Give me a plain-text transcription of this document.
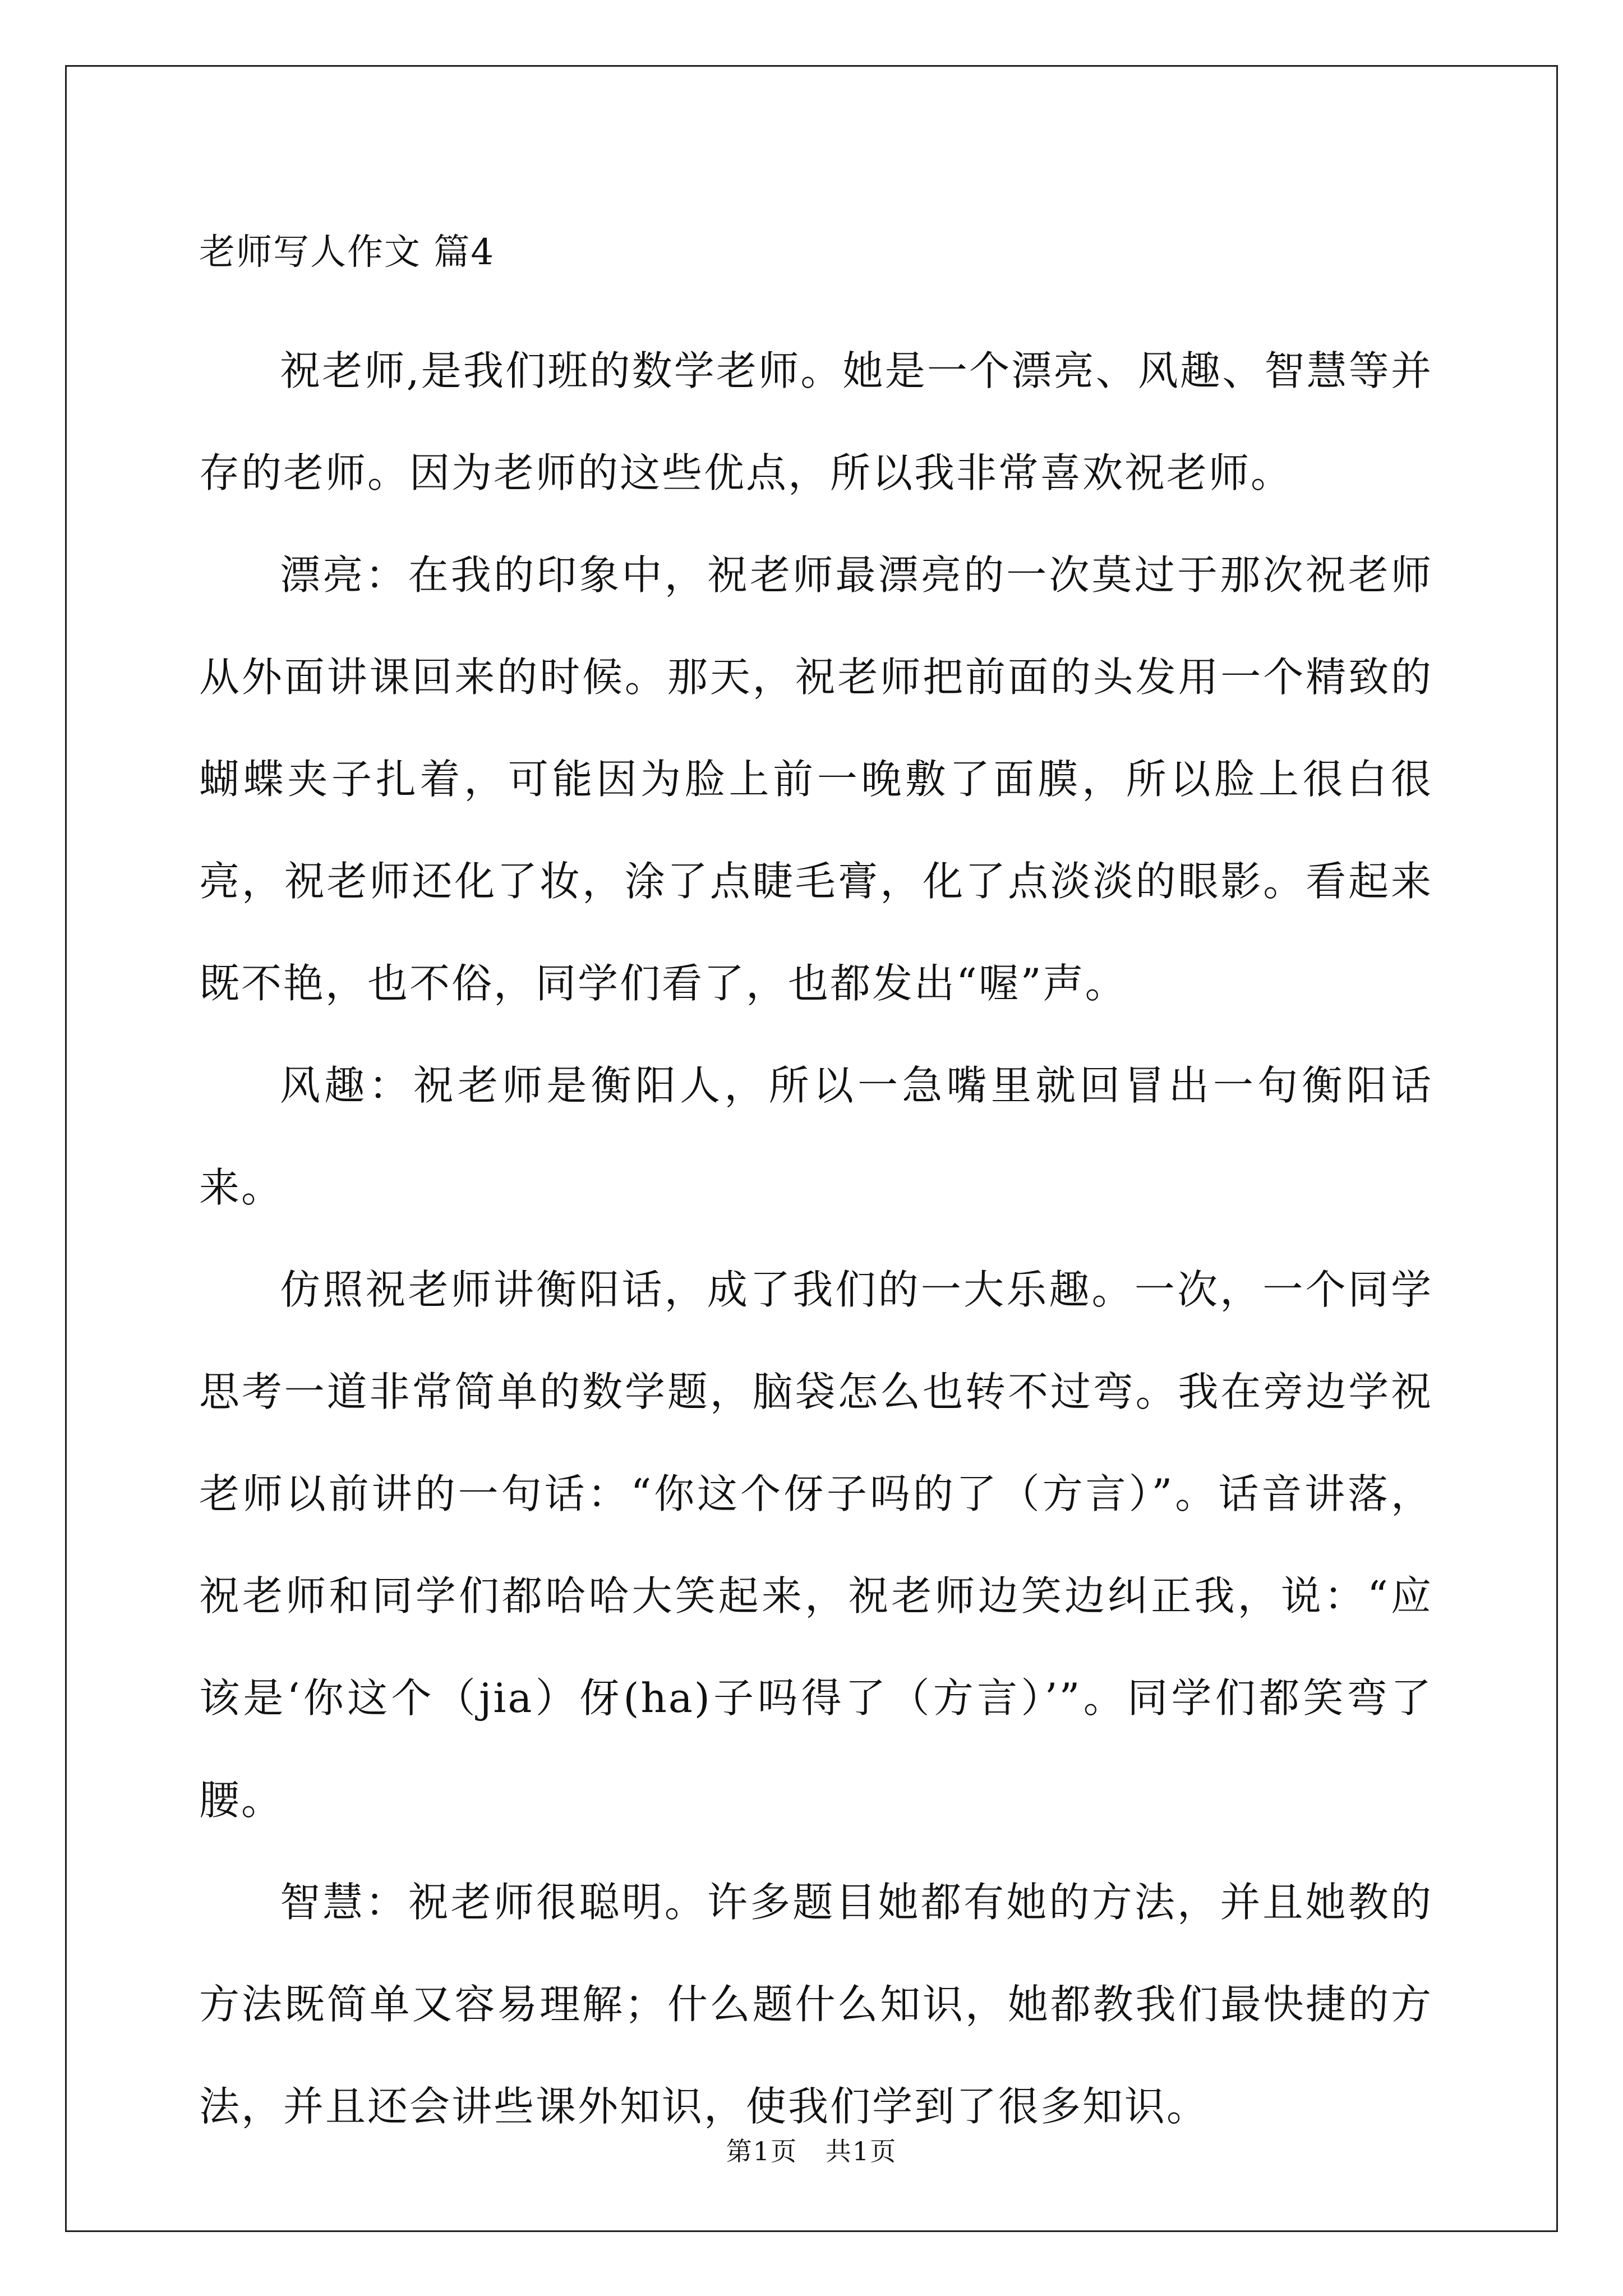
老师写人作文 篇4

祝老师,是我们班的数学老师。她是一个漂亮、风趣、智慧等并存的老师。因为老师的这些优点，所以我非常喜欢祝老师。

漂亮：在我的印象中，祝老师最漂亮的一次莫过于那次祝老师从外面讲课回来的时候。那天，祝老师把前面的头发用一个精致的蝴蝶夹子扎着，可能因为脸上前一晚敷了面膜，所以脸上很白很亮，祝老师还化了妆，涂了点睫毛膏，化了点淡淡的眼影。看起来既不艳，也不俗，同学们看了，也都发出“喔”声。

风趣：祝老师是衡阳人，所以一急嘴里就回冒出一句衡阳话来。

仿照祝老师讲衡阳话，成了我们的一大乐趣。一次，一个同学思考一道非常简单的数学题，脑袋怎么也转不过弯。我在旁边学祝老师以前讲的一句话：“你这个伢子吗的了（方言）”。话音讲落，祝老师和同学们都哈哈大笑起来，祝老师边笑边纠正我，说：“应该是‘你这个（jia）伢(ha)子吗得了（方言）’”。同学们都笑弯了腰。

智慧：祝老师很聪明。许多题目她都有她的方法，并且她教的方法既简单又容易理解；什么题什么知识，她都教我们最快捷的方法，并且还会讲些课外知识，使我们学到了很多知识。

第1页   共1页
